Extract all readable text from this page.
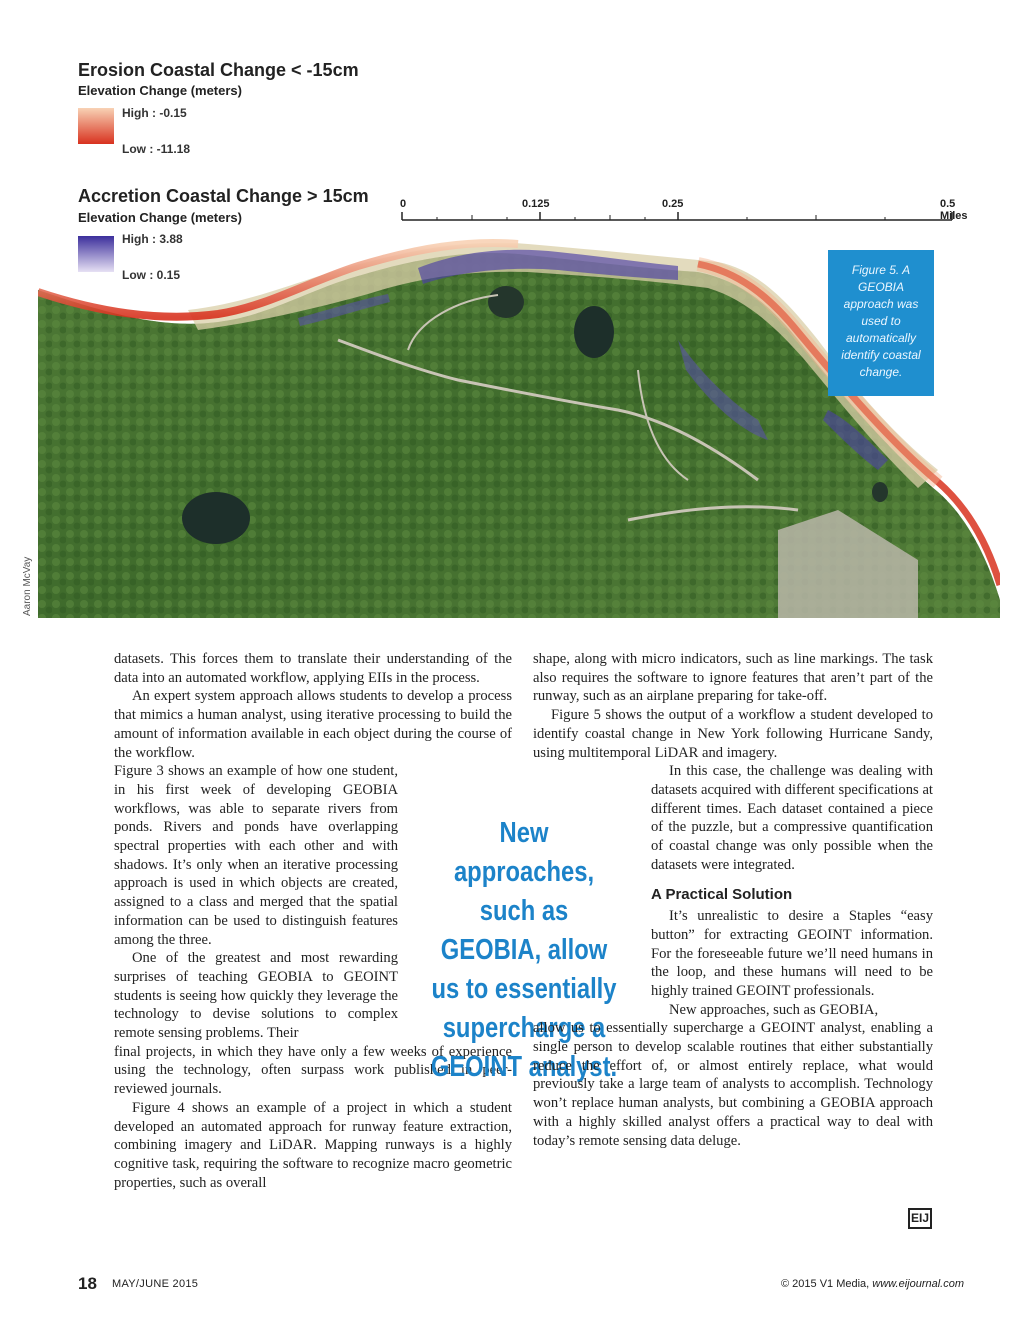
Erosion Coastal Change < -15cm
Elevation Change (meters)
High : -0.15
Low : -11.18
Accretion Coastal Change > 15cm
Elevation Change (meters)
High : 3.88
Low : 0.15
0	0.125	0.25	0.5 Miles
Figure 5. A GEOBIA approach was used to automatically identify coastal change.
Aaron McVay

datasets. This forces them to translate their understanding of the data into an automated workflow, applying EIIs in the process.

An expert system approach allows students to develop a process that mimics a human analyst, using iterative processing to build the amount of information available in each object during the course of the workflow.

Figure 3 shows an example of how one student, in his first week of developing GEOBIA workflows, was able to separate rivers from ponds. Rivers and ponds have overlapping spectral properties with each other and with shadows. It’s only when an iterative processing approach is used in which objects are created, assigned to a class and merged that the spatial information can be used to distinguish features among the three.

One of the greatest and most rewarding surprises of teaching GEOBIA to GEOINT students is seeing how quickly they leverage the technology to devise solutions to complex remote sensing problems. Their

final projects, in which they have only a few weeks of experience using the technology, often surpass work published in peer-reviewed journals.

Figure 4 shows an example of a project in which a student developed an automated approach for runway feature extraction, combining imagery and LiDAR. Mapping runways is a highly cognitive task, requiring the software to recognize macro geometric properties, such as overall

New approaches, such as GEOBIA, allow us to essentially supercharge a GEOINT analyst.

shape, along with micro indicators, such as line markings. The task also requires the software to ignore features that aren’t part of the runway, such as an airplane preparing for take-off.

Figure 5 shows the output of a workflow a student developed to identify coastal change in New York following Hurricane Sandy, using multitemporal LiDAR and imagery.

In this case, the challenge was dealing with datasets acquired with different specifications at different times. Each dataset contained a piece of the puzzle, but a compressive quantification of coastal change was only possible when the datasets were integrated.

A Practical Solution

It’s unrealistic to desire a Staples “easy button” for extracting GEOINT information. For the foreseeable future we’ll need humans in the loop, and these humans will need to be highly trained GEOINT professionals.

New approaches, such as GEOBIA,

allow us to essentially supercharge a GEOINT analyst, enabling a single person to develop scalable routines that either substantially reduce the effort of, or almost entirely replace, what would previously take a large team of analysts to accomplish. Technology won’t replace human analysts, but combining a GEOBIA approach with a highly skilled analyst offers a practical way to deal with today’s remote sensing data deluge.

EIJ
18 MAY/JUNE 2015	© 2015 V1 Media, www.eijournal.com
